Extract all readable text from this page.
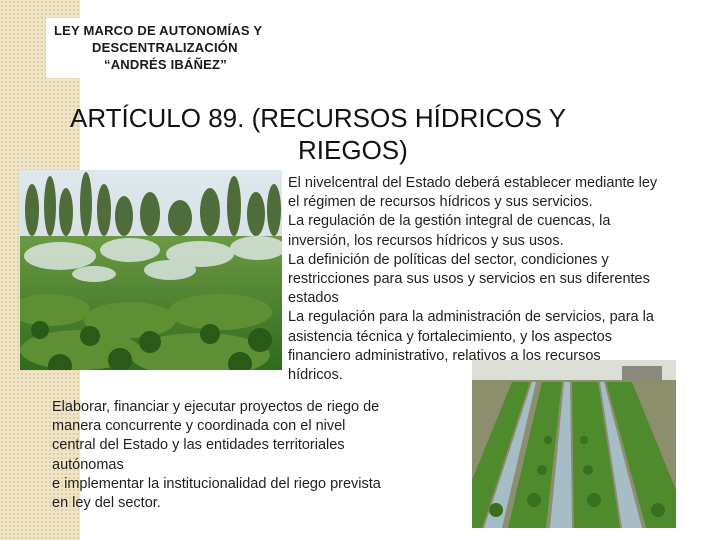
LEY MARCO DE AUTONOMÍAS Y
DESCENTRALIZACIÓN
“ANDRÉS IBÁÑEZ”
ARTÍCULO 89. (RECURSOS HÍDRICOS Y
RIEGOS)
El nivelcentral del Estado deberá establecer mediante ley
el régimen de recursos hídricos y sus servicios.
La regulación de la gestión integral de cuencas, la
inversión, los recursos hídricos y sus usos.
La definición de políticas del sector, condiciones y
restricciones para sus usos y servicios en sus diferentes
estados
La regulación para la administración de servicios, para la
asistencia técnica y fortalecimiento, y los aspectos
financiero administrativo, relativos a los recursos
hídricos.
Elaborar, financiar y ejecutar proyectos de riego de
manera concurrente y coordinada con el nivel
central del Estado y las entidades territoriales
autónomas
e implementar la institucionalidad del riego prevista
en ley del sector.
